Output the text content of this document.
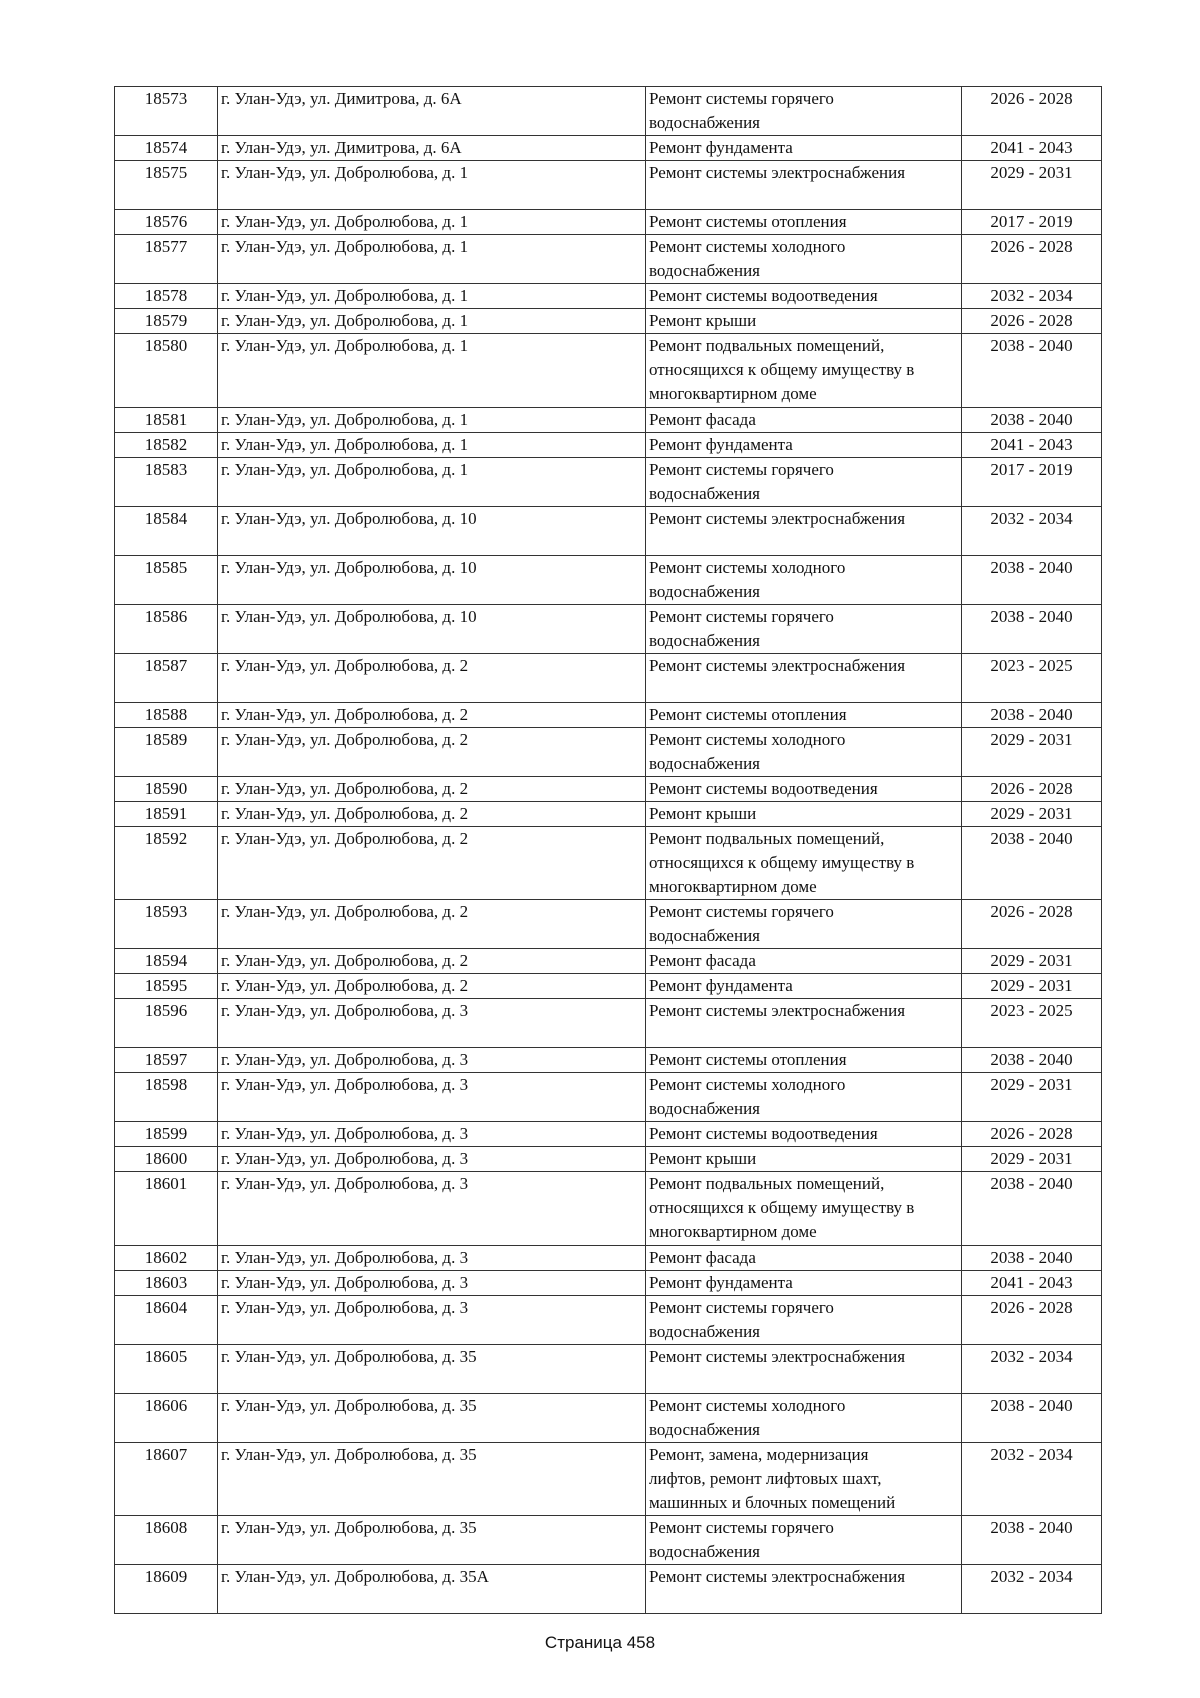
18573	г. Улан-Удэ, ул. Димитрова, д. 6А	Ремонт системы горячего
водоснабжения	2026 - 2028
18574	г. Улан-Удэ, ул. Димитрова, д. 6А	Ремонт фундамента	2041 - 2043
18575	г. Улан-Удэ, ул. Добролюбова, д. 1	Ремонт системы электроснабжения	2029 - 2031
18576	г. Улан-Удэ, ул. Добролюбова, д. 1	Ремонт системы отопления	2017 - 2019
18577	г. Улан-Удэ, ул. Добролюбова, д. 1	Ремонт системы холодного
водоснабжения	2026 - 2028
18578	г. Улан-Удэ, ул. Добролюбова, д. 1	Ремонт системы водоотведения	2032 - 2034
18579	г. Улан-Удэ, ул. Добролюбова, д. 1	Ремонт крыши	2026 - 2028
18580	г. Улан-Удэ, ул. Добролюбова, д. 1	Ремонт подвальных помещений,
относящихся к общему имуществу в
многоквартирном доме	2038 - 2040
18581	г. Улан-Удэ, ул. Добролюбова, д. 1	Ремонт фасада	2038 - 2040
18582	г. Улан-Удэ, ул. Добролюбова, д. 1	Ремонт фундамента	2041 - 2043
18583	г. Улан-Удэ, ул. Добролюбова, д. 1	Ремонт системы горячего
водоснабжения	2017 - 2019
18584	г. Улан-Удэ, ул. Добролюбова, д. 10	Ремонт системы электроснабжения	2032 - 2034
18585	г. Улан-Удэ, ул. Добролюбова, д. 10	Ремонт системы холодного
водоснабжения	2038 - 2040
18586	г. Улан-Удэ, ул. Добролюбова, д. 10	Ремонт системы горячего
водоснабжения	2038 - 2040
18587	г. Улан-Удэ, ул. Добролюбова, д. 2	Ремонт системы электроснабжения	2023 - 2025
18588	г. Улан-Удэ, ул. Добролюбова, д. 2	Ремонт системы отопления	2038 - 2040
18589	г. Улан-Удэ, ул. Добролюбова, д. 2	Ремонт системы холодного
водоснабжения	2029 - 2031
18590	г. Улан-Удэ, ул. Добролюбова, д. 2	Ремонт системы водоотведения	2026 - 2028
18591	г. Улан-Удэ, ул. Добролюбова, д. 2	Ремонт крыши	2029 - 2031
18592	г. Улан-Удэ, ул. Добролюбова, д. 2	Ремонт подвальных помещений,
относящихся к общему имуществу в
многоквартирном доме	2038 - 2040
18593	г. Улан-Удэ, ул. Добролюбова, д. 2	Ремонт системы горячего
водоснабжения	2026 - 2028
18594	г. Улан-Удэ, ул. Добролюбова, д. 2	Ремонт фасада	2029 - 2031
18595	г. Улан-Удэ, ул. Добролюбова, д. 2	Ремонт фундамента	2029 - 2031
18596	г. Улан-Удэ, ул. Добролюбова, д. 3	Ремонт системы электроснабжения	2023 - 2025
18597	г. Улан-Удэ, ул. Добролюбова, д. 3	Ремонт системы отопления	2038 - 2040
18598	г. Улан-Удэ, ул. Добролюбова, д. 3	Ремонт системы холодного
водоснабжения	2029 - 2031
18599	г. Улан-Удэ, ул. Добролюбова, д. 3	Ремонт системы водоотведения	2026 - 2028
18600	г. Улан-Удэ, ул. Добролюбова, д. 3	Ремонт крыши	2029 - 2031
18601	г. Улан-Удэ, ул. Добролюбова, д. 3	Ремонт подвальных помещений,
относящихся к общему имуществу в
многоквартирном доме	2038 - 2040
18602	г. Улан-Удэ, ул. Добролюбова, д. 3	Ремонт фасада	2038 - 2040
18603	г. Улан-Удэ, ул. Добролюбова, д. 3	Ремонт фундамента	2041 - 2043
18604	г. Улан-Удэ, ул. Добролюбова, д. 3	Ремонт системы горячего
водоснабжения	2026 - 2028
18605	г. Улан-Удэ, ул. Добролюбова, д. 35	Ремонт системы электроснабжения	2032 - 2034
18606	г. Улан-Удэ, ул. Добролюбова, д. 35	Ремонт системы холодного
водоснабжения	2038 - 2040
18607	г. Улан-Удэ, ул. Добролюбова, д. 35	Ремонт, замена, модернизация
лифтов, ремонт лифтовых шахт,
машинных и блочных помещений	2032 - 2034
18608	г. Улан-Удэ, ул. Добролюбова, д. 35	Ремонт системы горячего
водоснабжения	2038 - 2040
18609	г. Улан-Удэ, ул. Добролюбова, д. 35А	Ремонт системы электроснабжения	2032 - 2034
Страница 458
